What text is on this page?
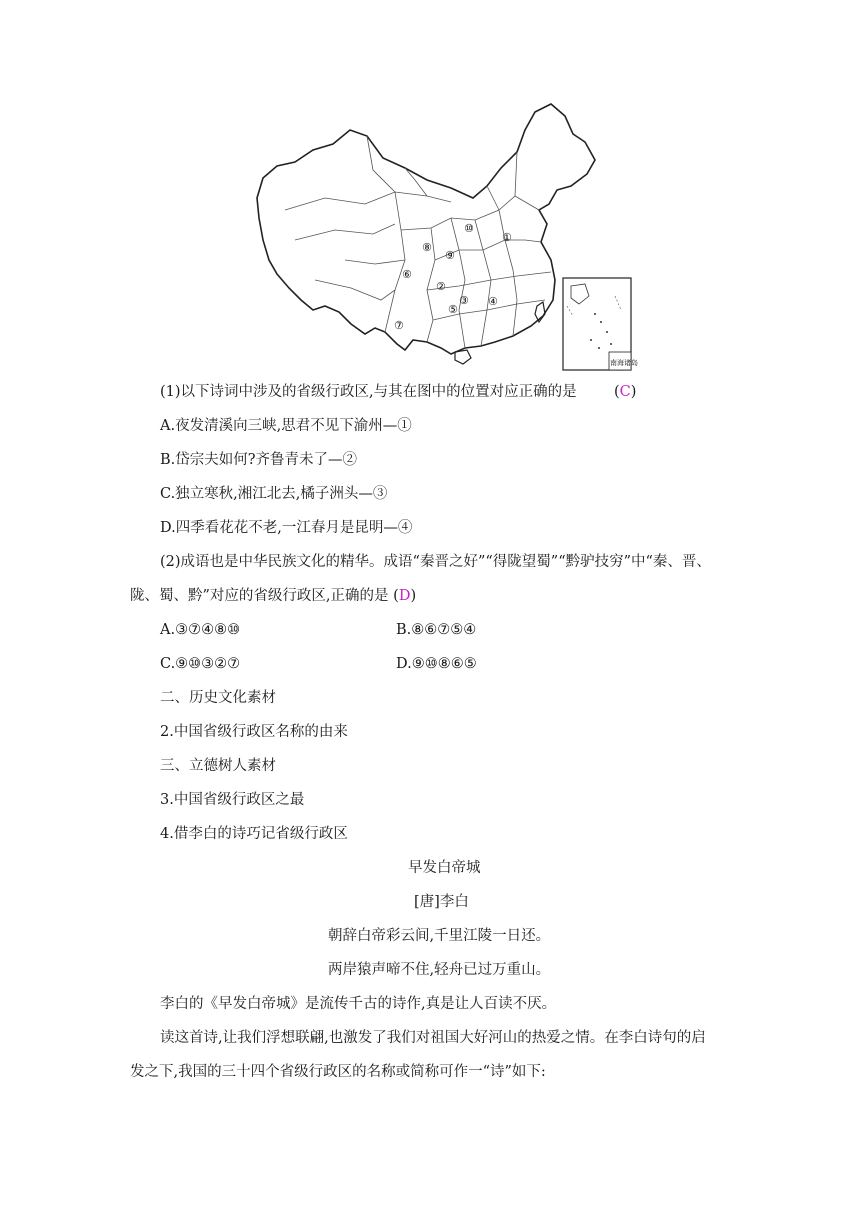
①
②
③ ④
⑤
⑥
⑦
⑧
⑨
⑩
南海诸岛
(1)以下诗词中涉及的省级行政区,与其在图中的位置对应正确的是	(C)
A.夜发清溪向三峡,思君不见下渝州—①
B.岱宗夫如何?齐鲁青未了—②
C.独立寒秋,湘江北去,橘子洲头—③
D.四季看花花不老,一江春月是昆明—④
(2)成语也是中华民族文化的精华。成语“秦晋之好”“得陇望蜀”“黔驴技穷”中“秦、晋、
陇、蜀、黔”对应的省级行政区,正确的是 (D)
A.③⑦④⑧⑩	B.⑧⑥⑦⑤④
C.⑨⑩③②⑦	D.⑨⑩⑧⑥⑤
二、历史文化素材
2.中国省级行政区名称的由来
三、立德树人素材
3.中国省级行政区之最
4.借李白的诗巧记省级行政区
早发白帝城
[唐]李白
朝辞白帝彩云间,千里江陵一日还。
两岸猿声啼不住,轻舟已过万重山。
李白的《早发白帝城》是流传千古的诗作,真是让人百读不厌。
读这首诗,让我们浮想联翩,也激发了我们对祖国大好河山的热爱之情。在李白诗句的启
发之下,我国的三十四个省级行政区的名称或简称可作一“诗”如下:
